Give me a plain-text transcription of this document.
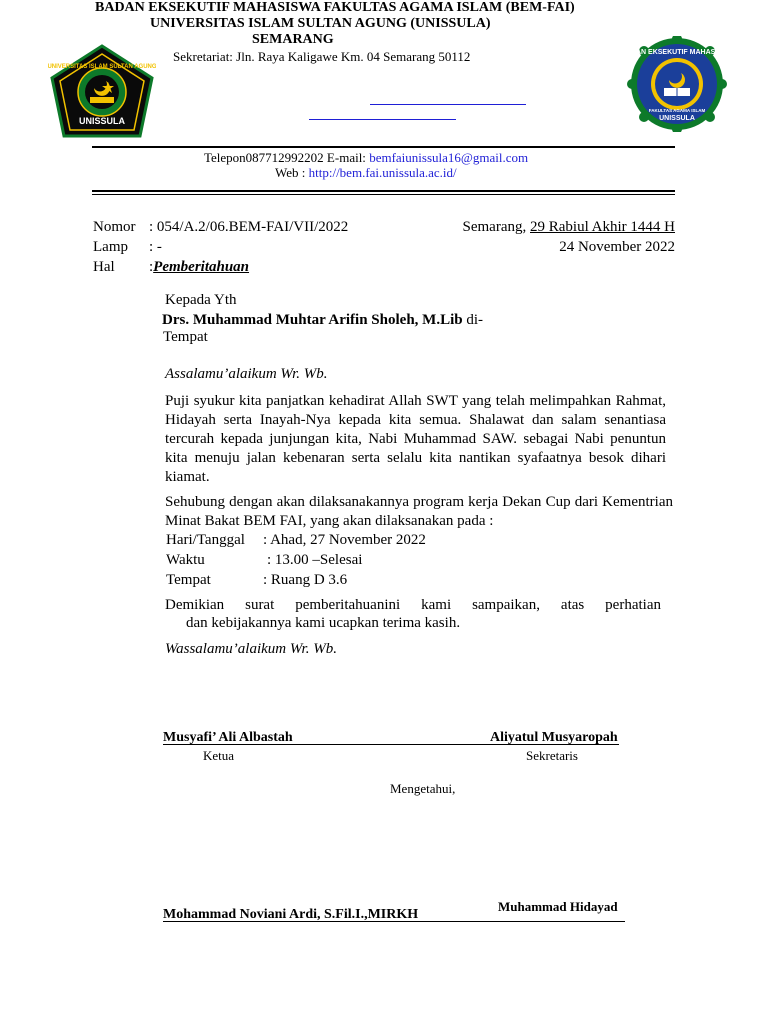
BADAN EKSEKUTIF MAHASISWA FAKULTAS AGAMA ISLAM (BEM-FAI)
UNIVERSITAS ISLAM SULTAN AGUNG (UNISSULA)
SEMARANG
Sekretariat: Jln. Raya Kaligawe Km. 04 Semarang 50112
UNIVERSITAS ISLAM SULTAN AGUNG
UNISSULA
BADAN EKSEKUTIF MAHASISWA
FAKULTAS AGAMA ISLAM
UNISSULA
Telepon087712992202 E-mail: bemfaiunissula16@gmail.com
Web : http://bem.fai.unissula.ac.id/
Nomor : 054/A.2/06.BEM-FAI/VII/2022
Lamp : -
Hal :Pemberitahuan
Semarang, 29 Rabiul Akhir 1444 H
24 November 2022
Kepada Yth
Drs. Muhammad Muhtar Arifin Sholeh, M.Lib di-
Tempat
Assalamu’alaikum Wr. Wb.
Puji syukur kita panjatkan kehadirat Allah SWT yang telah melimpahkan Rahmat, Hidayah serta Inayah-Nya kepada kita semua. Shalawat dan salam senantiasa tercurah kepada junjungan kita, Nabi Muhammad SAW. sebagai Nabi penuntun kita menuju jalan kebenaran serta selalu kita nantikan syafaatnya besok dihari kiamat.
Sehubung dengan akan dilaksanakannya program kerja Dekan Cup dari Kementrian Minat Bakat BEM FAI, yang akan dilaksanakan pada :
Hari/Tanggal : Ahad, 27 November 2022
Waktu	: 13.00 –Selesai
Tempat	: Ruang D 3.6
Demikian surat pemberitahuanini kami sampaikan, atas perhatian
dan kebijakannya kami ucapkan terima kasih.
Wassalamu’alaikum Wr. Wb.
Musyafi’ Ali Albastah
Ketua
Aliyatul Musyaropah
Sekretaris
Mengetahui,
Muhammad Hidayad
Mohammad Noviani Ardi, S.Fil.I.,MIRKH
